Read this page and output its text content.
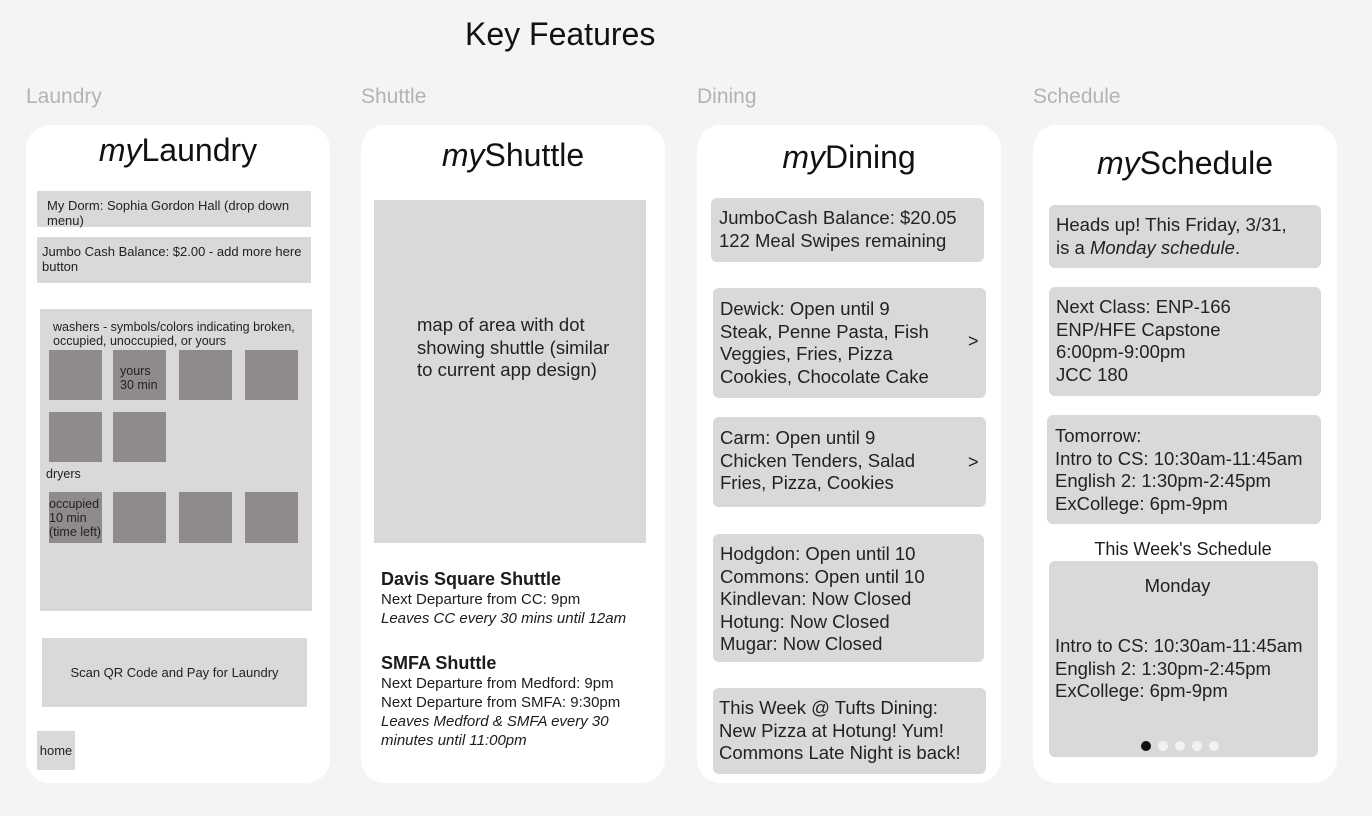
Key Features
Laundry	Shuttle	Dining	Schedule
myLaundry
My Dorm: Sophia Gordon Hall (drop down menu)
Jumbo Cash Balance: $2.00 - add more here button
washers - symbols/colors indicating broken, occupied, unoccupied, or yours
yours 30 min
dryers
occupied 10 min (time left)
Scan QR Code and Pay for Laundry
home
myShuttle
map of area with dot showing shuttle (similar to current app design)
Davis Square Shuttle
Next Departure from CC: 9pm
Leaves CC every 30 mins until 12am
SMFA Shuttle
Next Departure from Medford: 9pm
Next Departure from SMFA: 9:30pm
Leaves Medford & SMFA every 30 minutes until 11:00pm
myDining
JumboCash Balance: $20.05
122 Meal Swipes remaining
Dewick: Open until 9
Steak, Penne Pasta, Fish
Veggies, Fries, Pizza
Cookies, Chocolate Cake
>
Carm: Open until 9
Chicken Tenders, Salad
Fries, Pizza, Cookies
>
Hodgdon: Open until 10
Commons: Open until 10
Kindlevan: Now Closed
Hotung: Now Closed
Mugar: Now Closed
This Week @ Tufts Dining:
New Pizza at Hotung! Yum!
Commons Late Night is back!
mySchedule
Heads up! This Friday, 3/31,
is a Monday schedule.
Next Class: ENP-166
ENP/HFE Capstone
6:00pm-9:00pm
JCC 180
Tomorrow:
Intro to CS: 10:30am-11:45am
English 2: 1:30pm-2:45pm
ExCollege: 6pm-9pm
This Week's Schedule
Monday
Intro to CS: 10:30am-11:45am
English 2: 1:30pm-2:45pm
ExCollege: 6pm-9pm
